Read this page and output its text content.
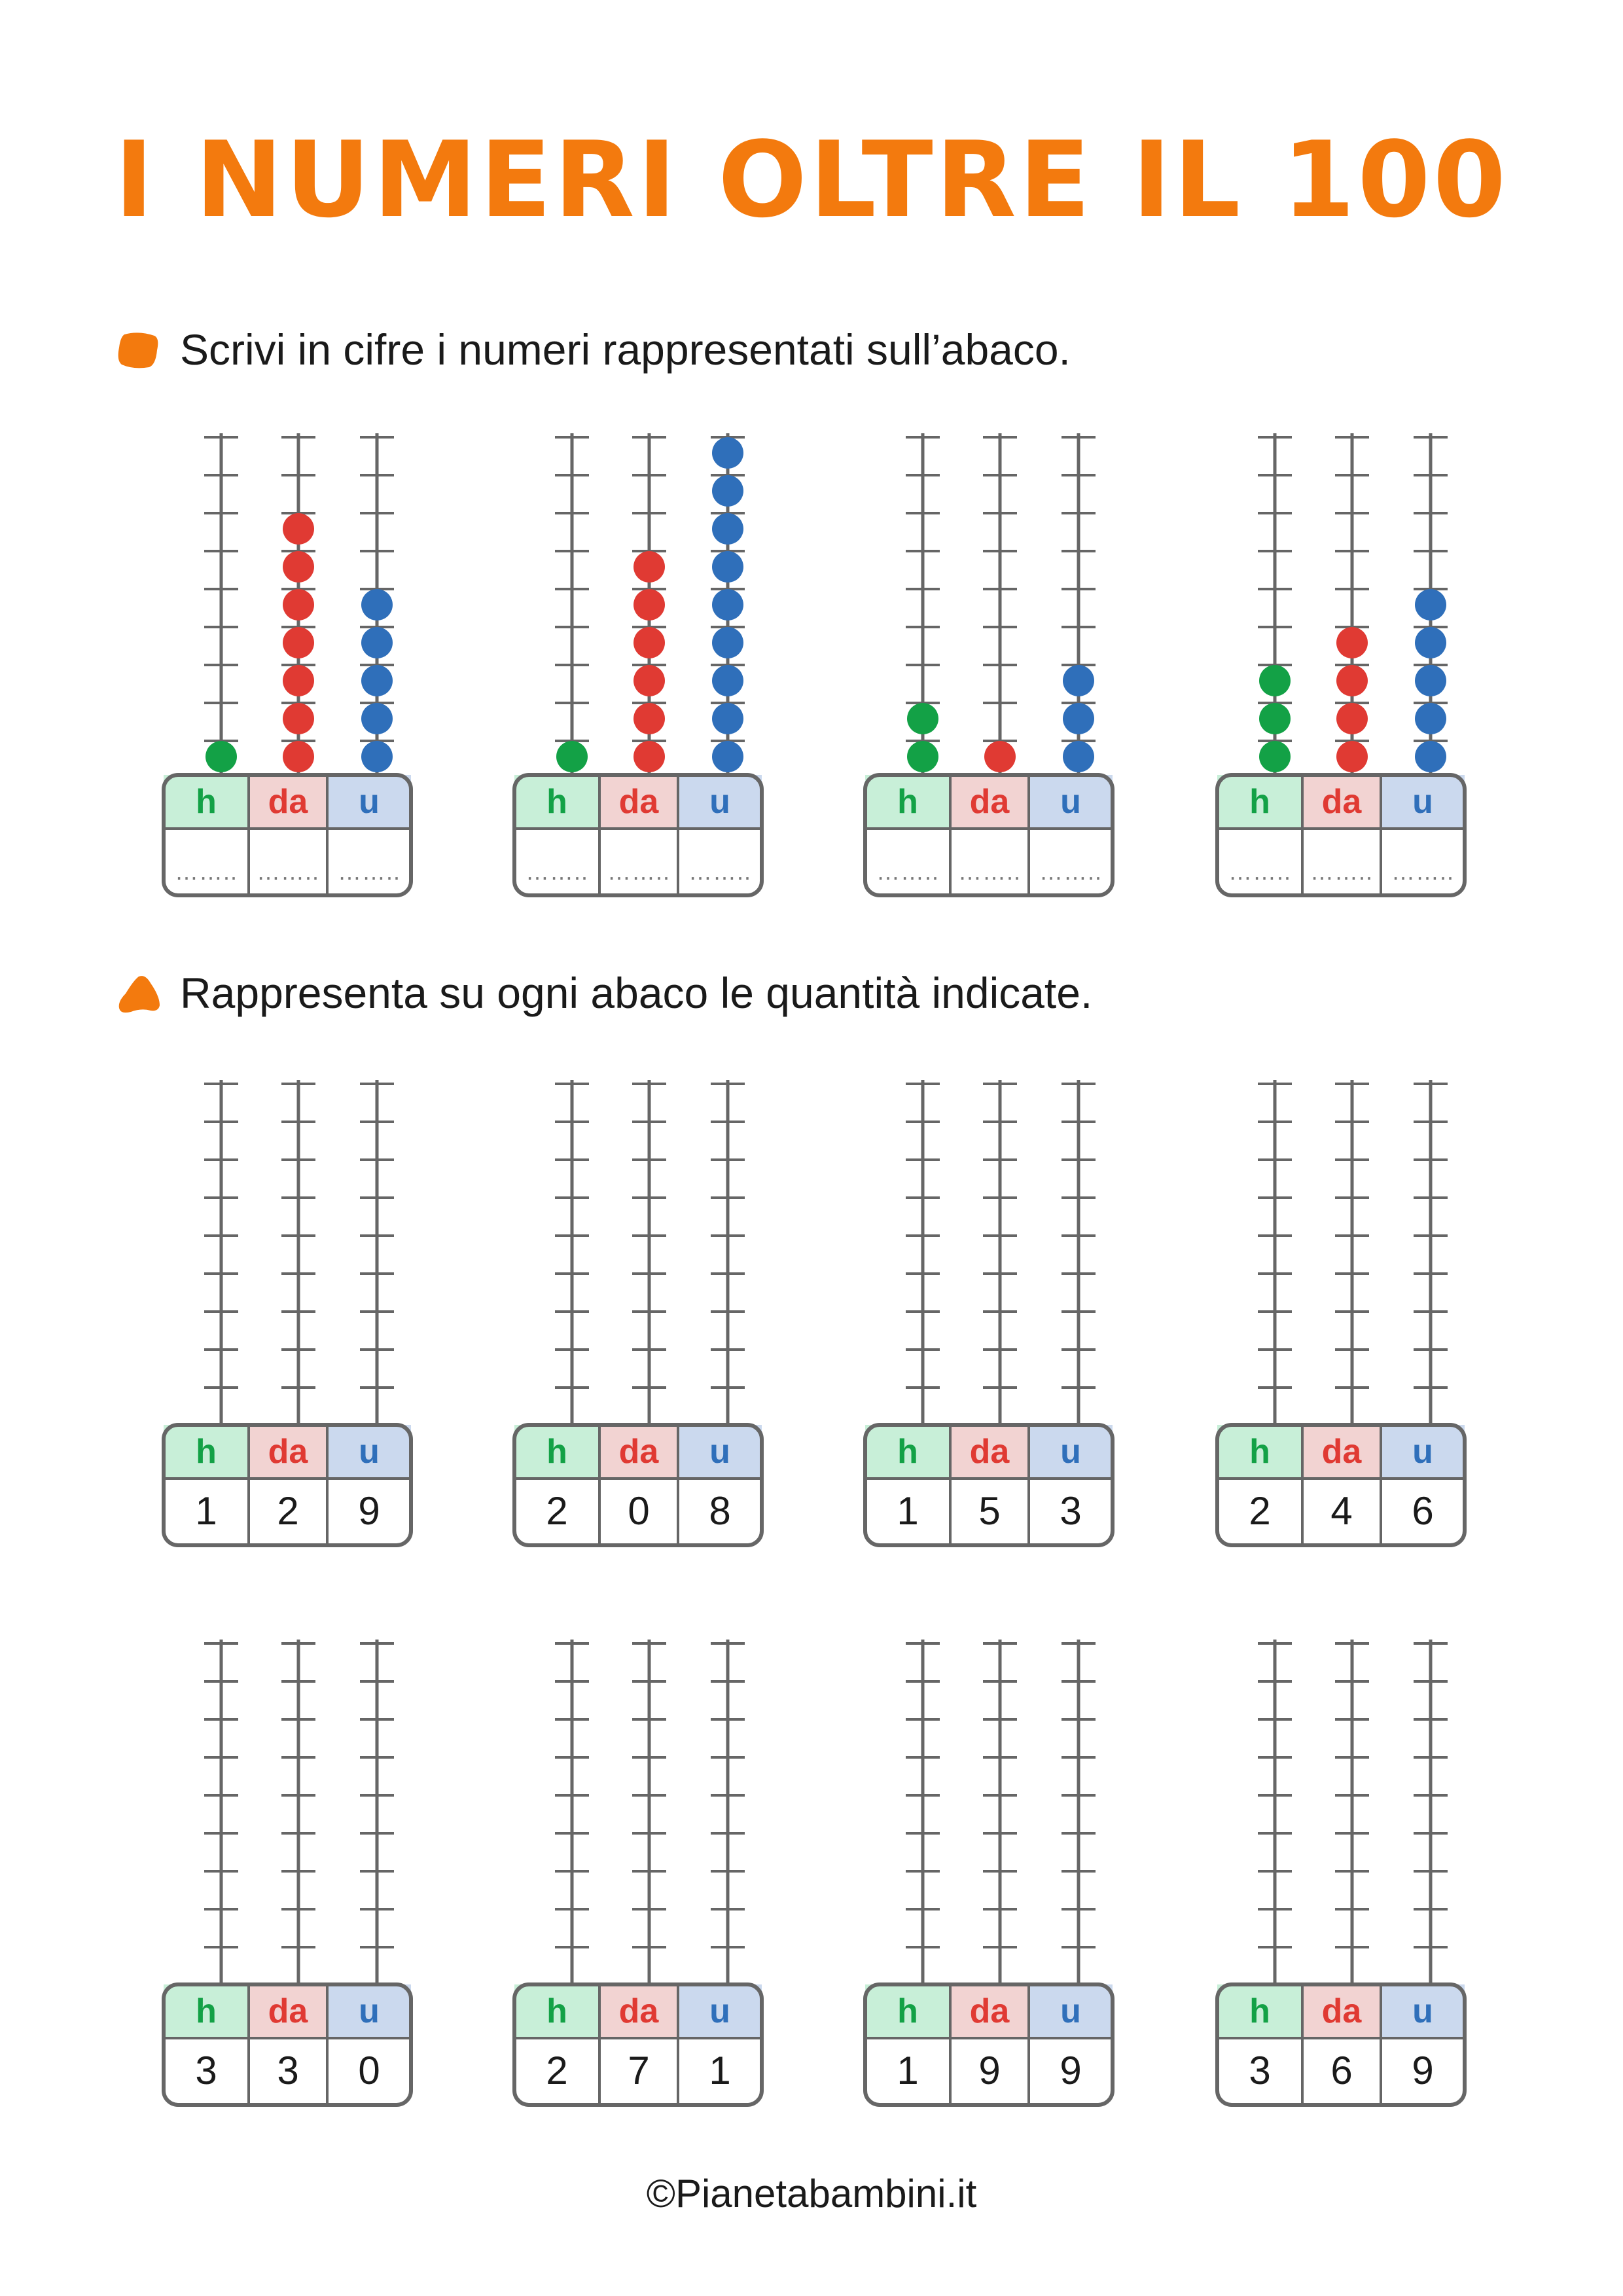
I NUMERI OLTRE IL 100
Scrivi in cifre i numeri rappresentati sull’abaco.
Rappresenta su ogni abaco le quantità indicate.
h
……..
da
……..
u
……..
h
……..
da
……..
u
……..
h
……..
da
……..
u
……..
h
……..
da
……..
u
……..
h
1
da
2
u
9
h
2
da
0
u
8
h
1
da
5
u
3
h
2
da
4
u
6
h
3
da
3
u
0
h
2
da
7
u
1
h
1
da
9
u
9
h
3
da
6
u
9
©Pianetabambini.it
